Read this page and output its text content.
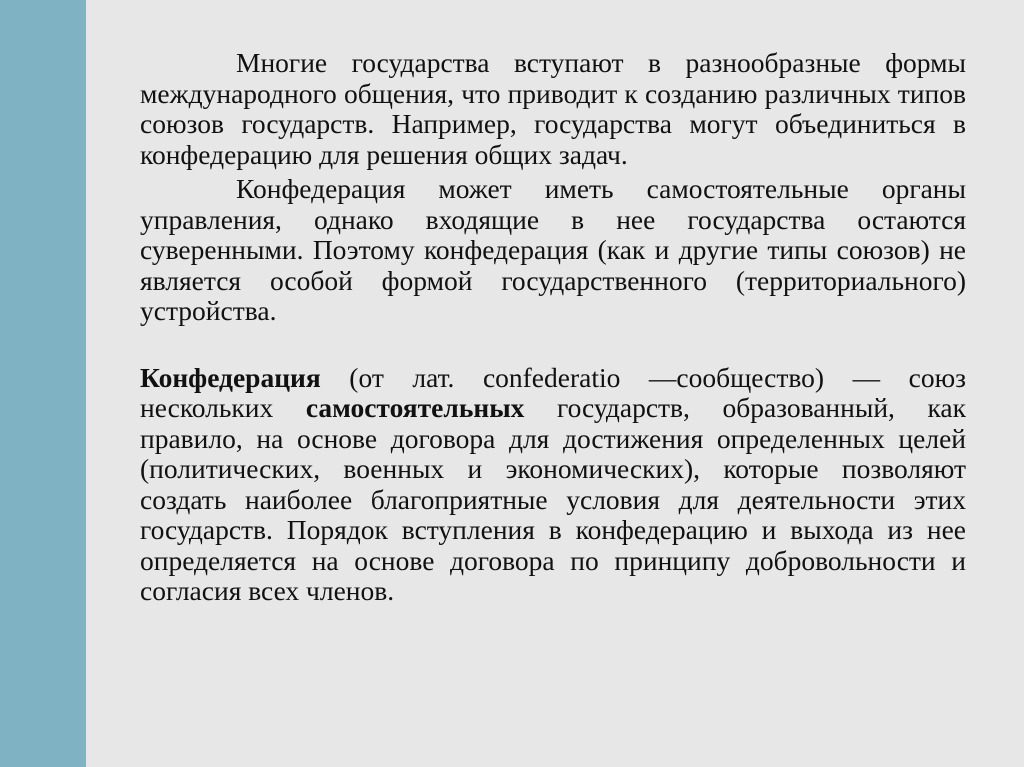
Многие государства вступают в разнообразные формы международного общения, что приводит к созданию различных типов союзов государств. Например, государства могут объединиться в конфедерацию для решения общих задач.

Конфедерация может иметь самостоятельные органы управления, однако входящие в нее государства остаются суверенными. Поэтому конфедерация (как и другие типы союзов) не является особой формой государственного (территориального) устройства.

Конфедерация (от лат. confederatio —сообщество) — союз нескольких самостоятельных государств, образованный, как правило, на основе договора для достижения определенных целей (политических, военных и экономических), которые позволяют создать наиболее благоприятные условия для деятельности этих государств. Порядок вступления в конфедерацию и выхода из нее определяется на основе договора по принципу добровольности и согласия всех членов.
